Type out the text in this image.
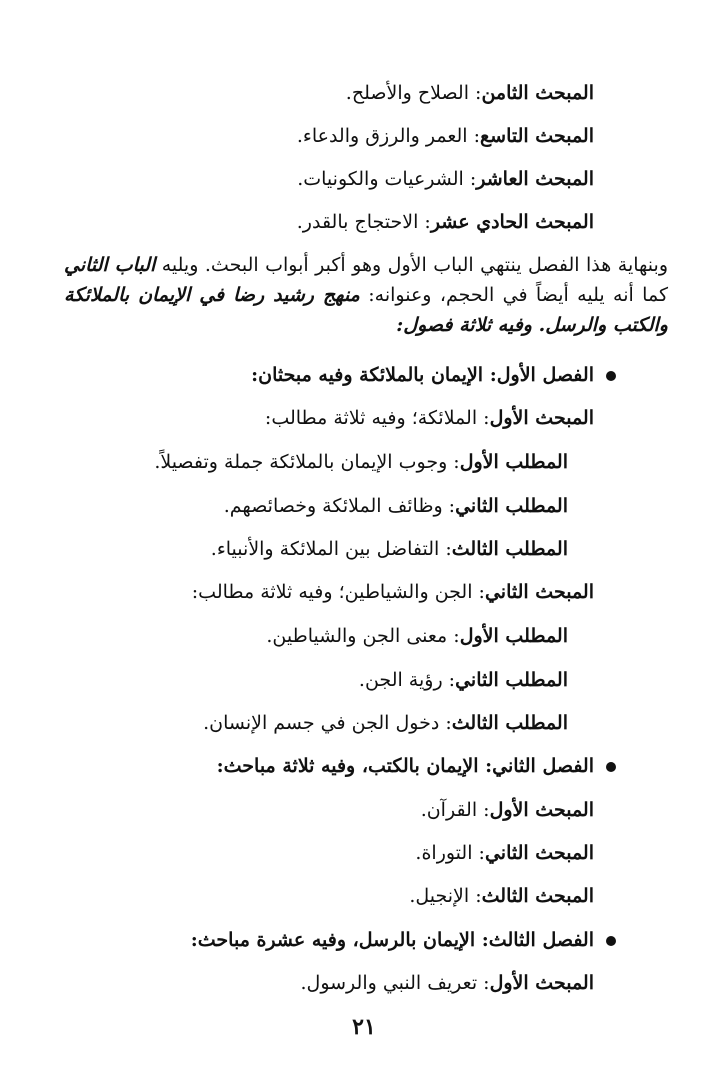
المبحث الثامن: الصلاح والأصلح.
المبحث التاسع: العمر والرزق والدعاء.
المبحث العاشر: الشرعيات والكونيات.
المبحث الحادي عشر: الاحتجاج بالقدر.
وبنهاية هذا الفصل ينتهي الباب الأول وهو أكبر أبواب البحث. ويليه الباب الثاني كما أنه يليه أيضاً في الحجم، وعنوانه: منهج رشيد رضا في الإيمان بالملائكة والكتب والرسل. وفيه ثلاثة فصول:
الفصل الأول: الإيمان بالملائكة وفيه مبحثان:
المبحث الأول: الملائكة؛ وفيه ثلاثة مطالب:
المطلب الأول: وجوب الإيمان بالملائكة جملة وتفصيلاً.
المطلب الثاني: وظائف الملائكة وخصائصهم.
المطلب الثالث: التفاضل بين الملائكة والأنبياء.
المبحث الثاني: الجن والشياطين؛ وفيه ثلاثة مطالب:
المطلب الأول: معنى الجن والشياطين.
المطلب الثاني: رؤية الجن.
المطلب الثالث: دخول الجن في جسم الإنسان.
الفصل الثاني: الإيمان بالكتب، وفيه ثلاثة مباحث:
المبحث الأول: القرآن.
المبحث الثاني: التوراة.
المبحث الثالث: الإنجيل.
الفصل الثالث: الإيمان بالرسل، وفيه عشرة مباحث:
المبحث الأول: تعريف النبي والرسول.
٢١
